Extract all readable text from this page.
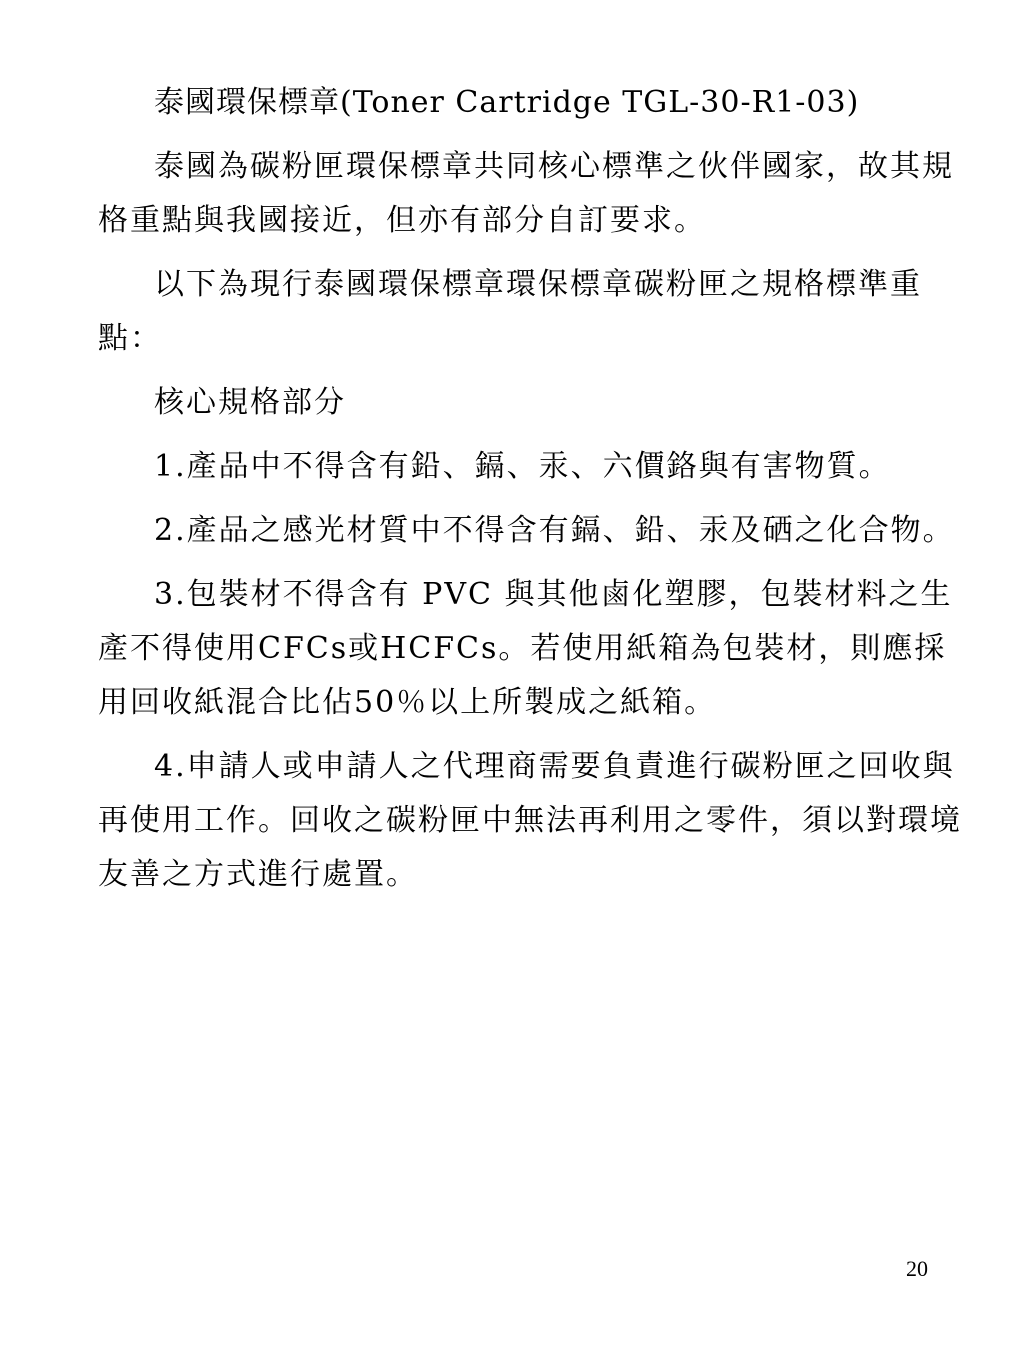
泰國環保標章(Toner Cartridge TGL-30-R1-03)

泰國為碳粉匣環保標章共同核心標準之伙伴國家，故其規格重點與我國接近，但亦有部分自訂要求。

以下為現行泰國環保標章環保標章碳粉匣之規格標準重點：

核心規格部分

1.產品中不得含有鉛、鎘、汞、六價鉻與有害物質。

2.產品之感光材質中不得含有鎘、鉛、汞及硒之化合物。

3.包裝材不得含有 PVC 與其他鹵化塑膠，包裝材料之生產不得使用CFCs或HCFCs。若使用紙箱為包裝材，則應採用回收紙混合比佔50％以上所製成之紙箱。

4.申請人或申請人之代理商需要負責進行碳粉匣之回收與再使用工作。回收之碳粉匣中無法再利用之零件，須以對環境友善之方式進行處置。

20
